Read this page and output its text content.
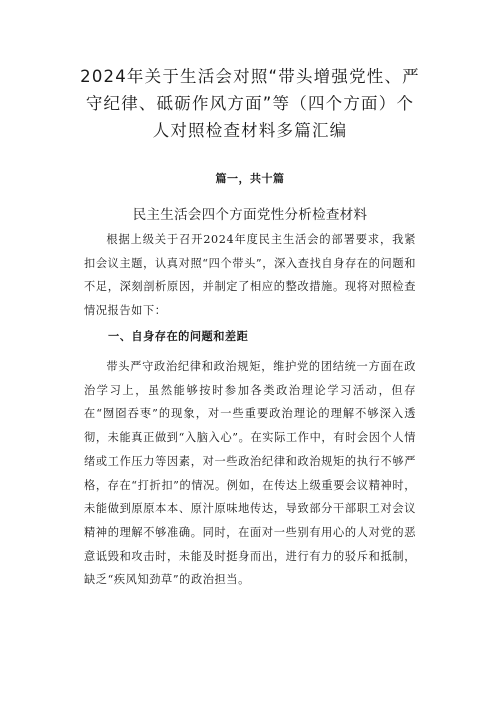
2024年关于生活会对照“带头增强党性、严
守纪律、砥砺作风方面”等（四个方面）个
人对照检查材料多篇汇编
篇一，共十篇
民主生活会四个方面党性分析检查材料

根据上级关于召开2024年度民主生活会的部署要求，我紧扣会议主题，认真对照“四个带头”，深入查找自身存在的问题和不足，深刻剖析原因，并制定了相应的整改措施。现将对照检查情况报告如下：

一、自身存在的问题和差距

带头严守政治纪律和政治规矩，维护党的团结统一方面在政治学习上，虽然能够按时参加各类政治理论学习活动，但存在“囫囵吞枣”的现象，对一些重要政治理论的理解不够深入透彻，未能真正做到“入脑入心”。在实际工作中，有时会因个人情绪或工作压力等因素，对一些政治纪律和政治规矩的执行不够严格，存在“打折扣”的情况。例如，在传达上级重要会议精神时，未能做到原原本本、原汁原味地传达，导致部分干部职工对会议精神的理解不够准确。同时，在面对一些别有用心的人对党的恶意诋毁和攻击时，未能及时挺身而出，进行有力的驳斥和抵制，缺乏“疾风知劲草”的政治担当。
